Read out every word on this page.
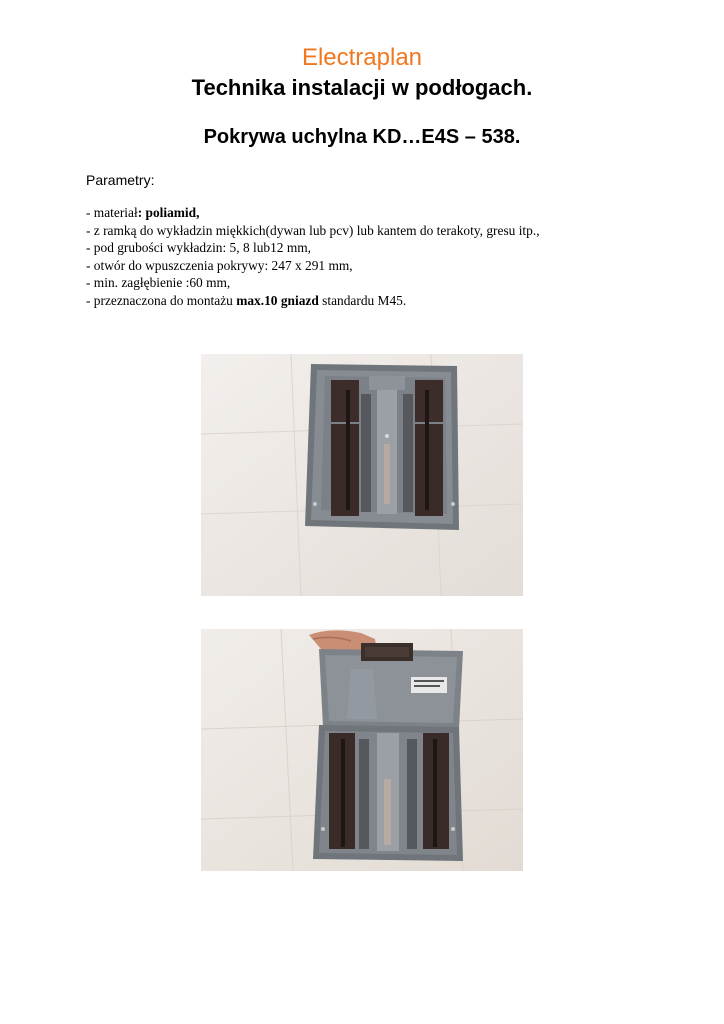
Electraplan
Technika instalacji w podłogach.
Pokrywa uchylna KD…E4S – 538.
Parametry:
- materiał: poliamid,
- z ramką do wykładzin miękkich(dywan lub pcv) lub kantem do terakoty, gresu itp.,
- pod grubości wykładzin: 5, 8 lub12 mm,
- otwór do wpuszczenia pokrywy: 247 x 291 mm,
- min. zagłębienie :60 mm,
- przeznaczona do montażu max.10 gniazd standardu M45.
